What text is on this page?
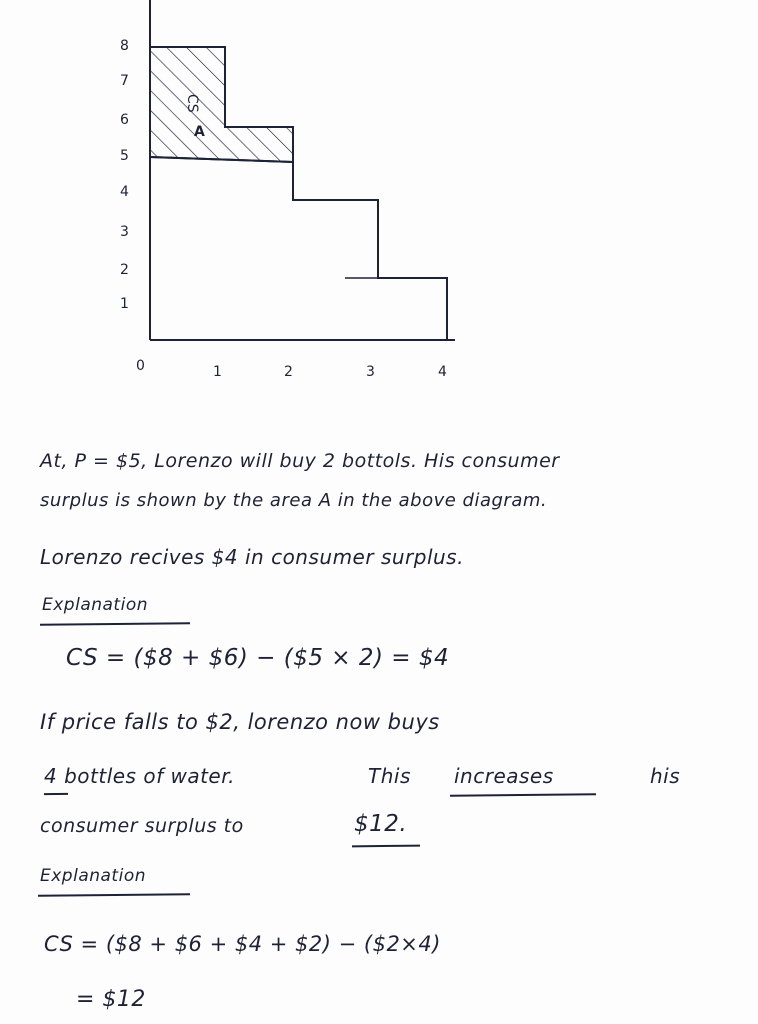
8
7
6
5
4
3
2
1
0	1	2	3	4
CS
A
At, P = $5, Lorenzo will buy 2 bottols. His consumer
surplus is shown by the area A in the above diagram.
Lorenzo recives $4 in consumer surplus.
Explanation
CS = ($8 + $6) − ($5 × 2) = $4
If price falls to $2, lorenzo now buys
4 bottles of water.	This increases	his
consumer surplus to	$12.
Explanation
CS = ($8 + $6 + $4 + $2) − ($2×4)
= $12
